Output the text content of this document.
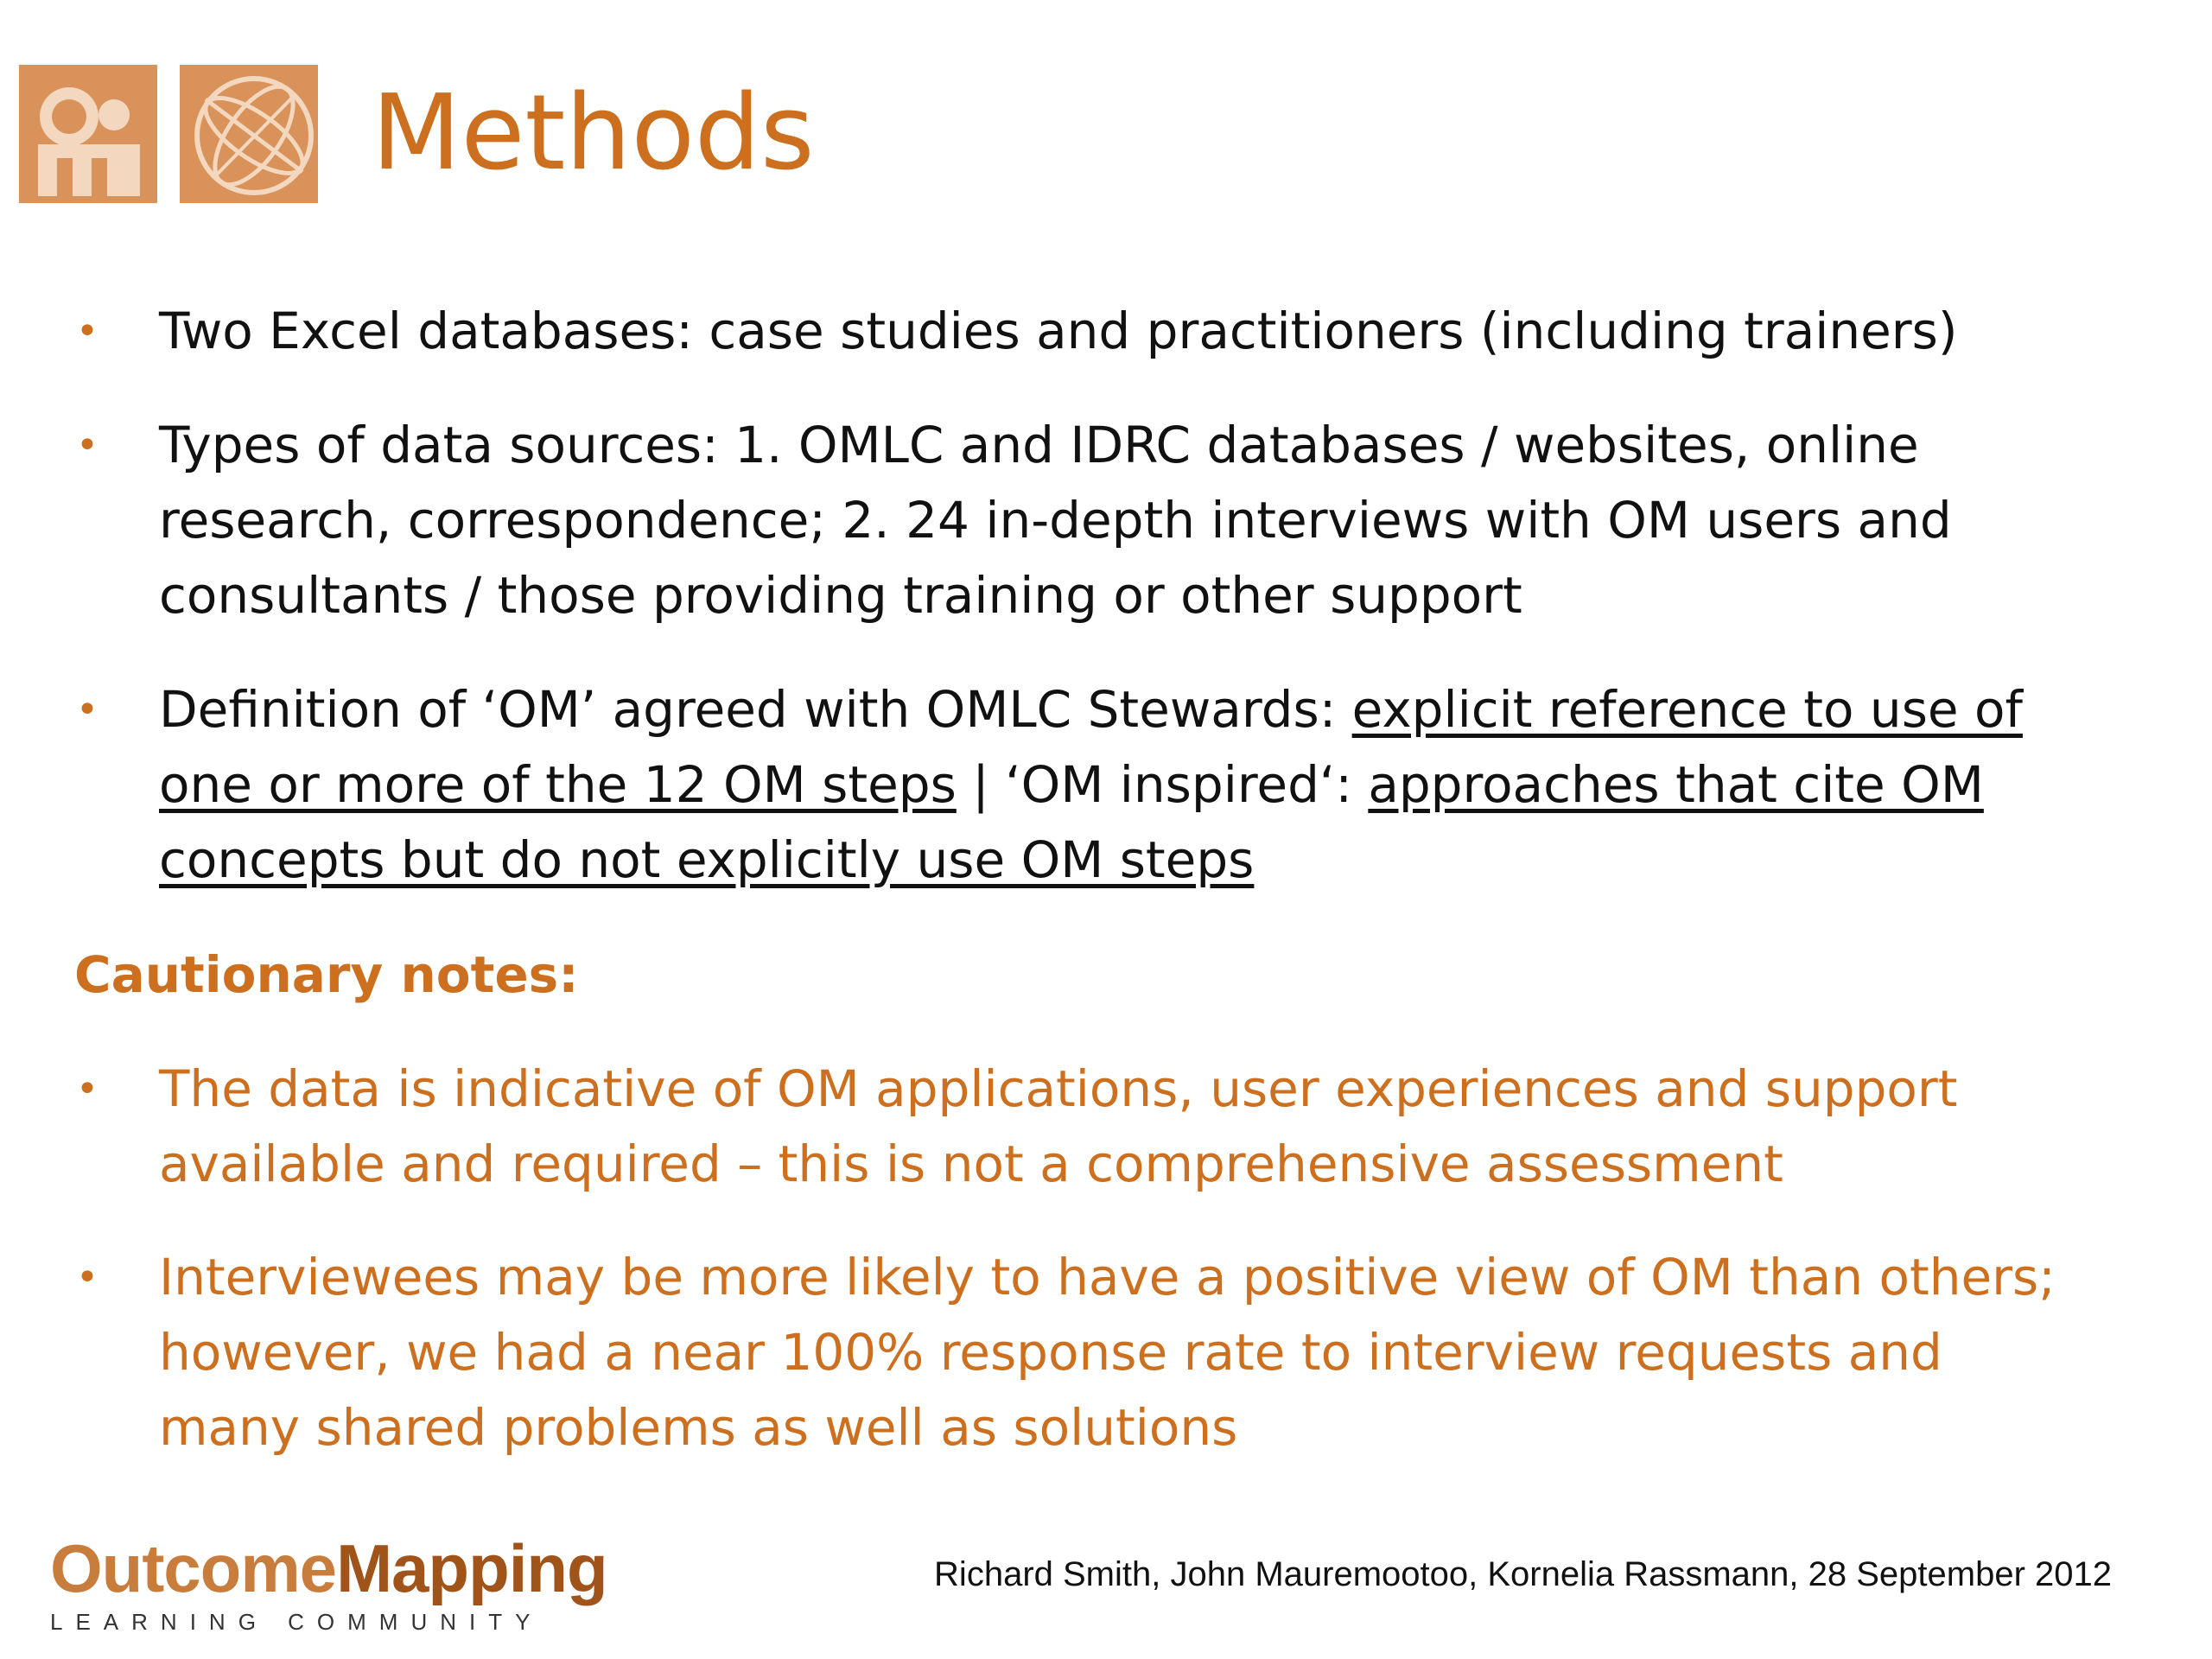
Methods
• Two Excel databases: case studies and practitioners (including trainers)
• Types of data sources: 1. OMLC and IDRC databases / websites, online research, correspondence; 2. 24 in-depth interviews with OM users and consultants / those providing training or other support
• Definition of ‘OM’ agreed with OMLC Stewards: explicit reference to use of one or more of the 12 OM steps | ‘OM inspired‘: approaches that cite OM concepts but do not explicitly use OM steps
Cautionary notes:
• The data is indicative of OM applications, user experiences and support available and required – this is not a comprehensive assessment
• Interviewees may be more likely to have a positive view of OM than others; however, we had a near 100% response rate to interview requests and many shared problems as well as solutions
OutcomeMapping
LEARNING COMMUNITY
Richard Smith, John Mauremootoo, Kornelia Rassmann, 28 September 2012
